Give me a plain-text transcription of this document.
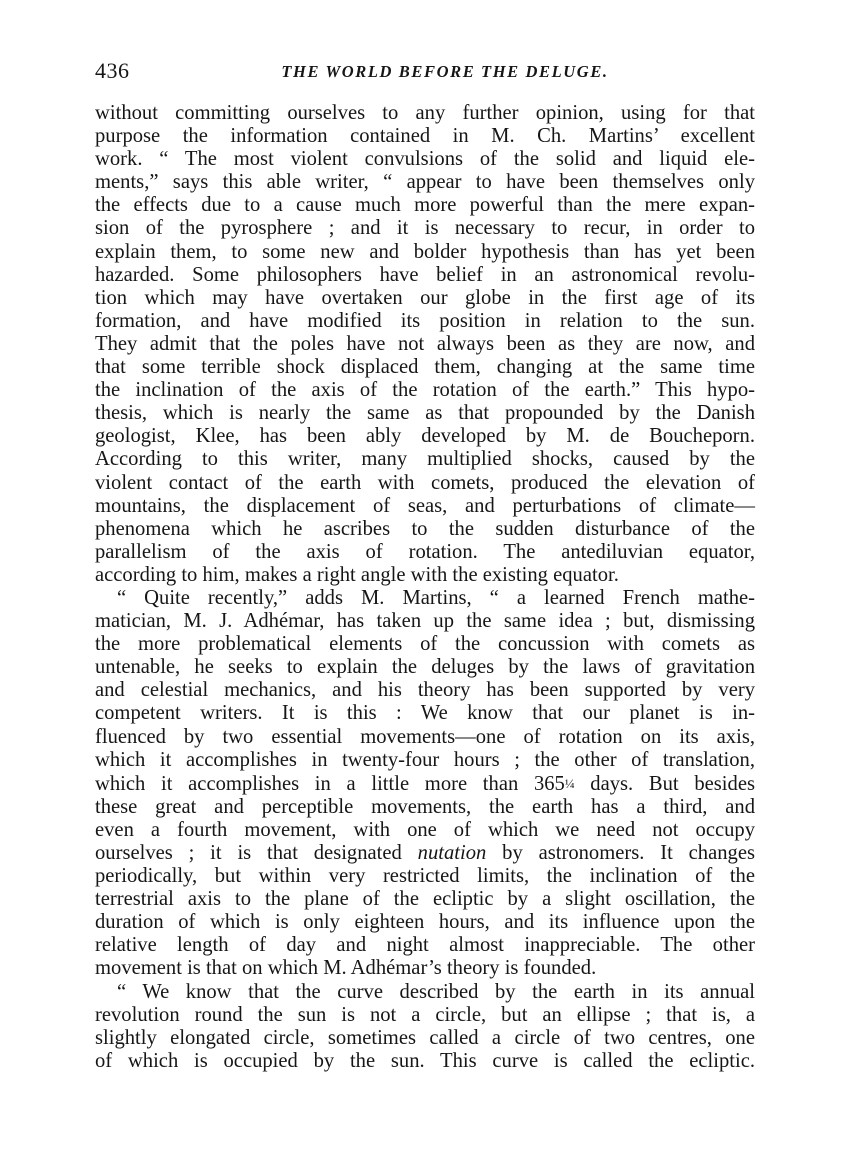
436	THE WORLD BEFORE THE DELUGE.
without committing ourselves to any further opinion, using for that
purpose the information contained in M. Ch. Martins’ excellent
work. “ The most violent convulsions of the solid and liquid ele-
ments,” says this able writer, “ appear to have been themselves only
the effects due to a cause much more powerful than the mere expan-
sion of the pyrosphere ; and it is necessary to recur, in order to
explain them, to some new and bolder hypothesis than has yet been
hazarded. Some philosophers have belief in an astronomical revolu-
tion which may have overtaken our globe in the first age of its
formation, and have modified its position in relation to the sun.
They admit that the poles have not always been as they are now, and
that some terrible shock displaced them, changing at the same time
the inclination of the axis of the rotation of the earth.” This hypo-
thesis, which is nearly the same as that propounded by the Danish
geologist, Klee, has been ably developed by M. de Boucheporn.
According to this writer, many multiplied shocks, caused by the
violent contact of the earth with comets, produced the elevation of
mountains, the displacement of seas, and perturbations of climate—
phenomena which he ascribes to the sudden disturbance of the
parallelism of the axis of rotation. The antediluvian equator,
according to him, makes a right angle with the existing equator.
“ Quite recently,” adds M. Martins, “ a learned French mathe-
matician, M. J. Adhémar, has taken up the same idea ; but, dismissing
the more problematical elements of the concussion with comets as
untenable, he seeks to explain the deluges by the laws of gravitation
and celestial mechanics, and his theory has been supported by very
competent writers. It is this : We know that our planet is in-
fluenced by two essential movements—one of rotation on its axis,
which it accomplishes in twenty-four hours ; the other of translation,
which it accomplishes in a little more than 365¼ days. But besides
these great and perceptible movements, the earth has a third, and
even a fourth movement, with one of which we need not occupy
ourselves ; it is that designated nutation by astronomers. It changes
periodically, but within very restricted limits, the inclination of the
terrestrial axis to the plane of the ecliptic by a slight oscillation, the
duration of which is only eighteen hours, and its influence upon the
relative length of day and night almost inappreciable. The other
movement is that on which M. Adhémar’s theory is founded.
“ We know that the curve described by the earth in its annual
revolution round the sun is not a circle, but an ellipse ; that is, a
slightly elongated circle, sometimes called a circle of two centres, one
of which is occupied by the sun. This curve is called the ecliptic.
